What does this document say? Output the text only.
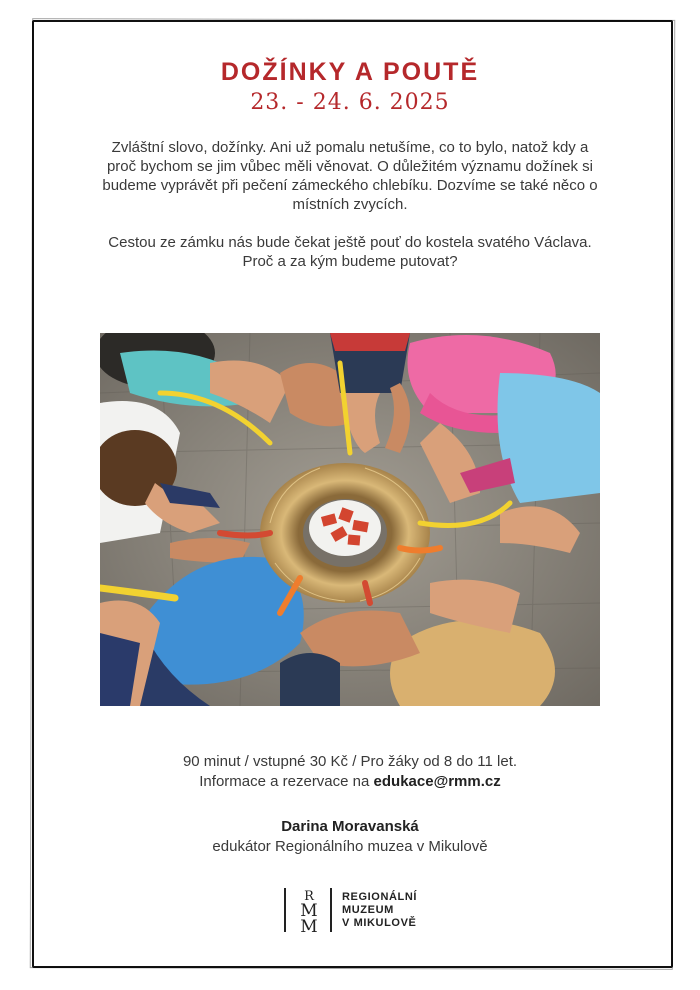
DOŽÍNKY A POUTĚ
23. - 24. 6. 2025

Zvláštní slovo, dožínky. Ani už pomalu netušíme, co to bylo, natož kdy a proč bychom se jim vůbec měli věnovat. O důležitém významu dožínek si budeme vyprávět při pečení zámeckého chlebíku. Dozvíme se také něco o místních zvycích.

Cestou ze zámku nás bude čekat ještě pouť do kostela svatého Václava. Proč a za kým budeme putovat?

90 minut / vstupné 30 Kč / Pro žáky od 8 do 11 let.
Informace a rezervace na edukace@rmm.cz
Darina Moravanská
edukátor Regionálního muzea v Mikulově
R
M
M
REGIONÁLNÍ
MUZEUM
V MIKULOVĚ
